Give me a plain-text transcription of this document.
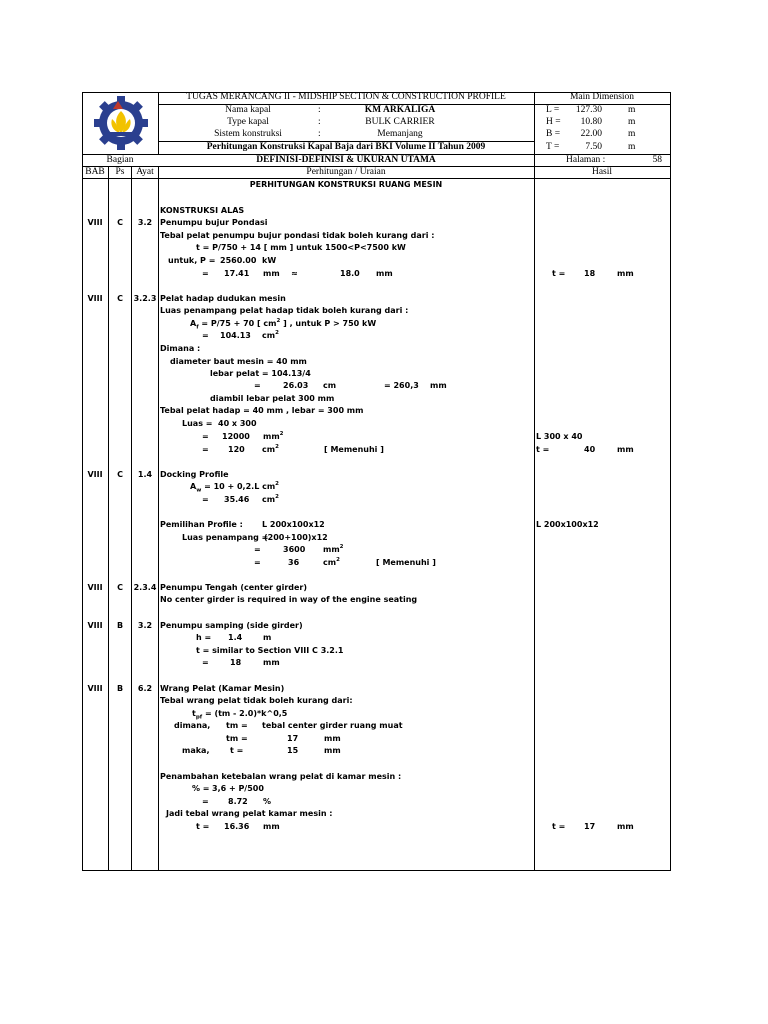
TUGAS MERANCANG II - MIDSHIP SECTION & CONSTRUCTION PROFILE
Nama kapal	:	KM ARKALIGA
Type kapal	:	BULK CARRIER
Sistem konstruksi	:	Memanjang
Perhitungan Konstruksi Kapal Baja dari BKI Volume II Tahun 2009
DEFINISI-DEFINISI & UKURAN UTAMA
Main Dimension
L = 127.30	m
H = 10.80	m
B = 22.00	m
T =	7.50	m
Bagian	Halaman :	58
BAB Ps Ayat	Perhitungan / Uraian	Hasil
PERHITUNGAN KONSTRUKSI RUANG MESIN
KONSTRUKSI ALAS
VIII C 3.2 Penumpu bujur Pondasi
Tebal pelat penumpu bujur pondasi tidak boleh kurang dari :
t = P/750 + 14 [ mm ] untuk 1500<P<7500 kW
untuk, P = 2560.00 kW
= 17.41 mm ≈	18.0 mm	t = 18	mm
VIII C 3.2.3 Pelat hadap dudukan mesin
Luas penampang pelat hadap tidak boleh kurang dari :
$A_f = P/75 + 70$ [ $cm^2$ ] , untuk P > 750 kW
= 104.13 $cm^2$
Dimana :
diameter baut mesin = 40 mm
lebar pelat = 104.13/4
=	26.03 cm	= 260,3 mm
diambil lebar pelat 300 mm
Tebal pelat hadap = 40 mm , lebar = 300 mm
Luas = 40 x 300
= 12000 $mm^2$
= 120 $cm^2$	[ Memenuhi ]
L 300 x 40
t =	40	mm
VIII C 1.4 Docking Profile
$A_w = 10 + 0,2.L$ $cm^2$
= 35.46 $cm^2$
Pemilihan Profile : L 200x100x12
Luas penampang =
(200+100)x12
=	3600 $mm^2$
=	36	$cm^2$	[ Memenuhi ]
L 200x100x12
VIII C 2.3.4 Penumpu Tengah (center girder)
No center girder is required in way of the engine seating
VIII B 3.2 Penumpu samping (side girder)
h = 1.4	m
t = similar to Section VIII C 3.2.1
=	18	mm
VIII B 6.2 Wrang Pelat (Kamar Mesin)
Tebal wrang pelat tidak boleh kurang dari:
$t_{pf} = (tm$ - 2.0)*k^0,5
dimana, tm = tebal center girder ruang muat
tm =	17	mm
maka,	t =	15	mm
Penambahan ketebalan wrang pelat di kamar mesin :
% = 3,6 + P/500
= 8.72 %
Jadi tebal wrang pelat kamar mesin :
t = 16.36 mm	t = 17	mm
